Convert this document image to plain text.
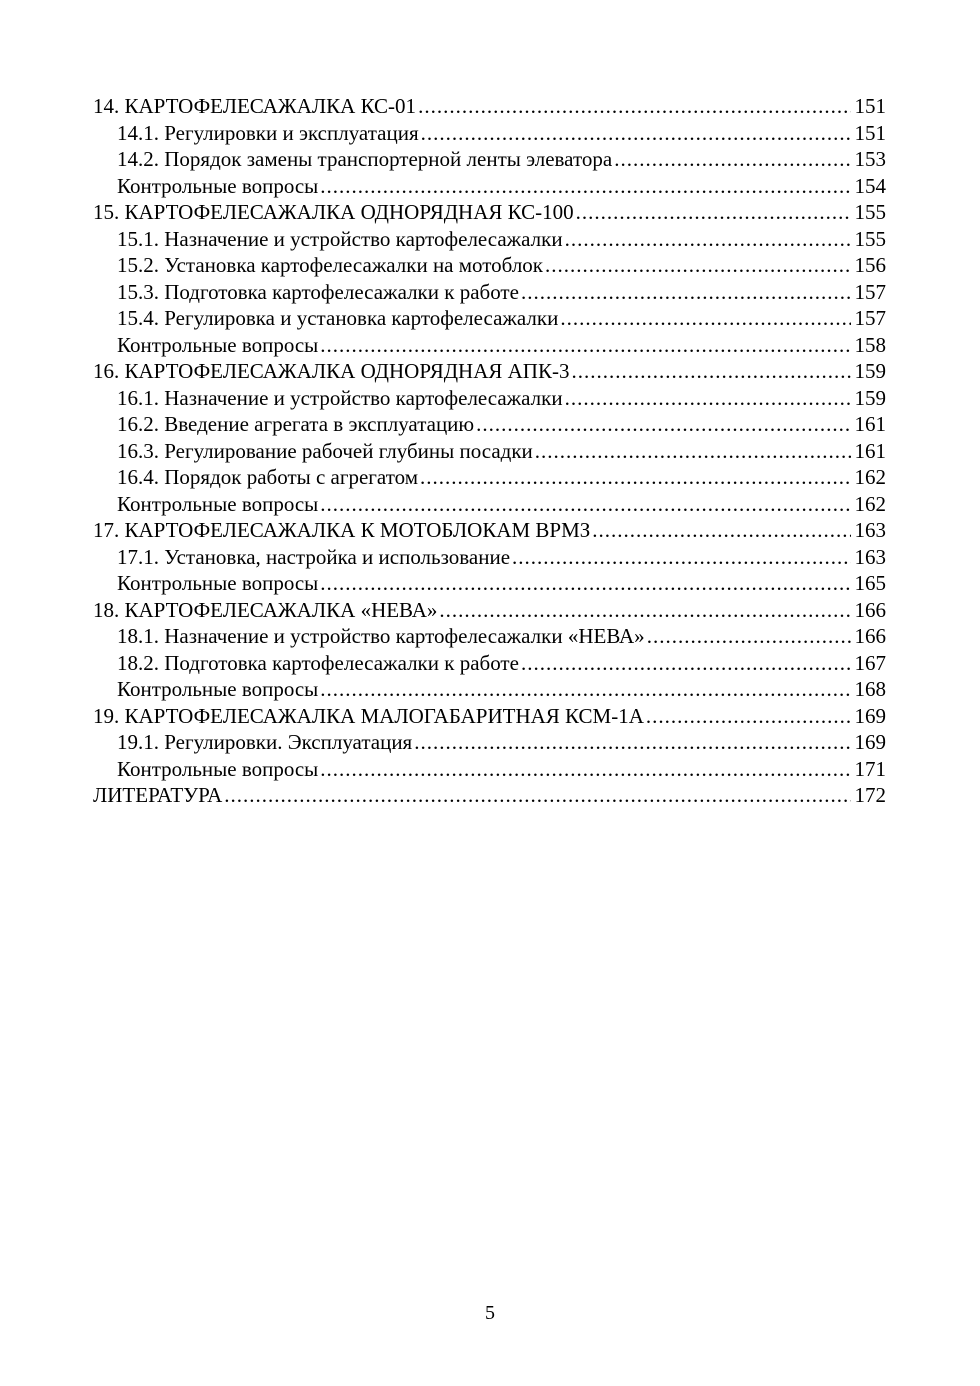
14. КАРТОФЕЛЕСАЖАЛКА КС-01 .....	151
14.1. Регулировки и эксплуатация .....	151
14.2. Порядок замены транспортерной ленты элеватора .....	153
Контрольные вопросы .....	154
15. КАРТОФЕЛЕСАЖАЛКА ОДНОРЯДНАЯ КС-100 .....	155
15.1. Назначение и устройство картофелесажалки .....	155
15.2. Установка картофелесажалки на мотоблок .....	156
15.3. Подготовка картофелесажалки к работе .....	157
15.4. Регулировка и установка картофелесажалки .....	157
Контрольные вопросы .....	158
16. КАРТОФЕЛЕСАЖАЛКА ОДНОРЯДНАЯ АПК-3 .....	159
16.1. Назначение и устройство картофелесажалки .....	159
16.2. Введение агрегата в эксплуатацию .....	161
16.3. Регулирование рабочей глубины посадки .....	161
16.4. Порядок работы с агрегатом .....	162
Контрольные вопросы .....	162
17. КАРТОФЕЛЕСАЖАЛКА К МОТОБЛОКАМ ВРМЗ .....	163
17.1. Установка, настройка и использование .....	163
Контрольные вопросы .....	165
18. КАРТОФЕЛЕСАЖАЛКА «НЕВА» .....	166
18.1. Назначение и устройство картофелесажалки «НЕВА» .....	166
18.2. Подготовка картофелесажалки к работе .....	167
Контрольные вопросы .....	168
19. КАРТОФЕЛЕСАЖАЛКА МАЛОГАБАРИТНАЯ КСМ-1А .....	169
19.1. Регулировки. Эксплуатация .....	169
Контрольные вопросы .....	171
ЛИТЕРАТУРА .....	172
5
